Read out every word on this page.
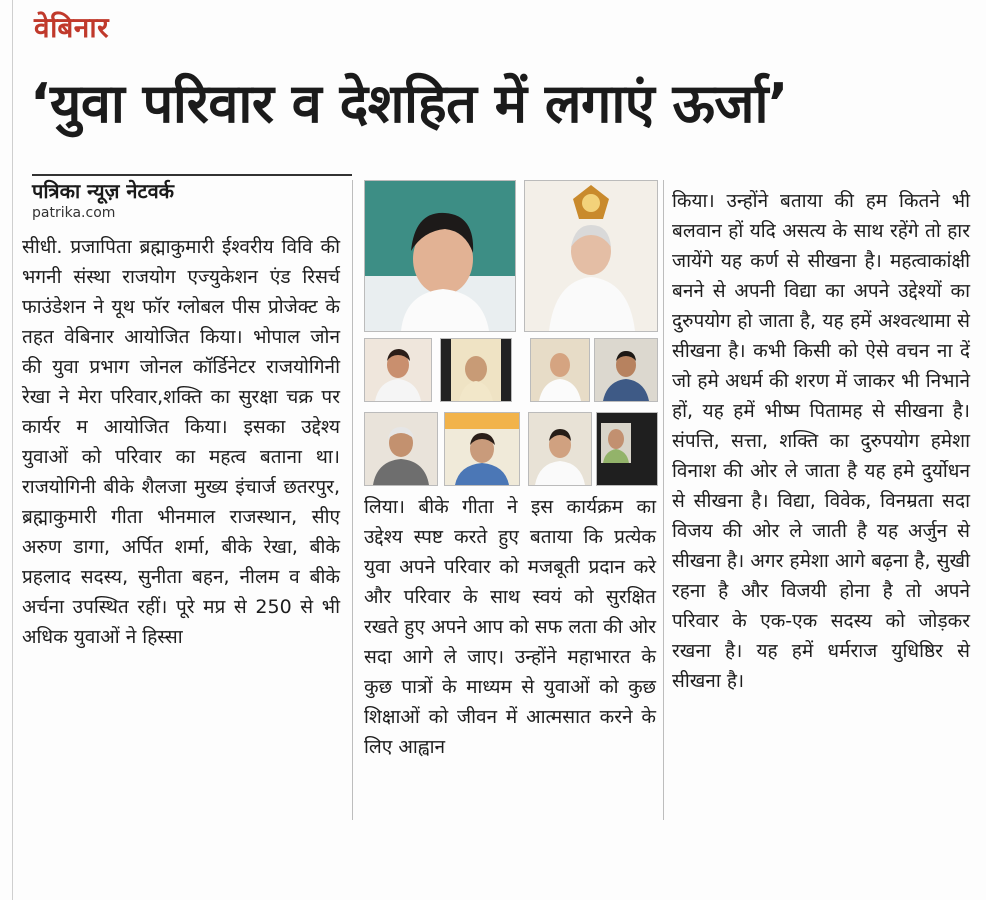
वेबिनार
‘युवा परिवार व देशहित में लगाएं ऊर्जा’
पत्रिका न्यूज़ नेटवर्क
patrika.com
सीधी. प्रजापिता ब्रह्माकुमारी ईश्वरीय विवि की भगनी संस्था राजयोग एज्युकेशन एंड रिसर्च फाउंडेशन ने यूथ फॉर ग्लोबल पीस प्रोजेक्ट के तहत वेबिनार आयोजित किया। भोपाल जोन की युवा प्रभाग जोनल कॉर्डिनेटर राजयोगिनी रेखा ने मेरा परिवार,शक्ति का सुरक्षा चक्र पर कार्यर म आयोजित किया। इसका उद्देश्य युवाओं को परिवार का महत्व बताना था। राजयोगिनी बीके शैलजा मुख्य इंचार्ज छतरपुर, ब्रह्माकुमारी गीता भीनमाल राजस्थान, सीए अरुण डागा, अर्पित शर्मा, बीके रेखा, बीके प्रहलाद सदस्य, सुनीता बहन, नीलम व बीके अर्चना उपस्थित रहीं। पूरे मप्र से 250 से भी अधिक युवाओं ने हिस्सा
लिया। बीके गीता ने इस कार्यक्रम का उद्देश्य स्पष्ट करते हुए बताया कि प्रत्येक युवा अपने परिवार को मजबूती प्रदान करे और परिवार के साथ स्वयं को सुरक्षित रखते हुए अपने आप को सफ लता की ओर सदा आगे ले जाए। उन्होंने महाभारत के कुछ पात्रों के माध्यम से युवाओं को कुछ शिक्षाओं को जीवन में आत्मसात करने के लिए आह्वान
किया। उन्होंने बताया की हम कितने भी बलवान हों यदि असत्य के साथ रहेंगे तो हार जायेंगे यह कर्ण से सीखना है। महत्वाकांक्षी बनने से अपनी विद्या का अपने उद्देश्यों का दुरुपयोग हो जाता है, यह हमें अश्वत्थामा से सीखना है। कभी किसी को ऐसे वचन ना दें जो हमे अधर्म की शरण में जाकर भी निभाने हों, यह हमें भीष्म पितामह से सीखना है। संपत्ति, सत्ता, शक्ति का दुरुपयोग हमेशा विनाश की ओर ले जाता है यह हमे दुर्योधन से सीखना है। विद्या, विवेक, विनम्रता सदा विजय की ओर ले जाती है यह अर्जुन से सीखना है। अगर हमेशा आगे बढ़ना है, सुखी रहना है और विजयी होना है तो अपने परिवार के एक-एक सदस्य को जोड़कर रखना है। यह हमें धर्मराज युधिष्ठिर से सीखना है।
